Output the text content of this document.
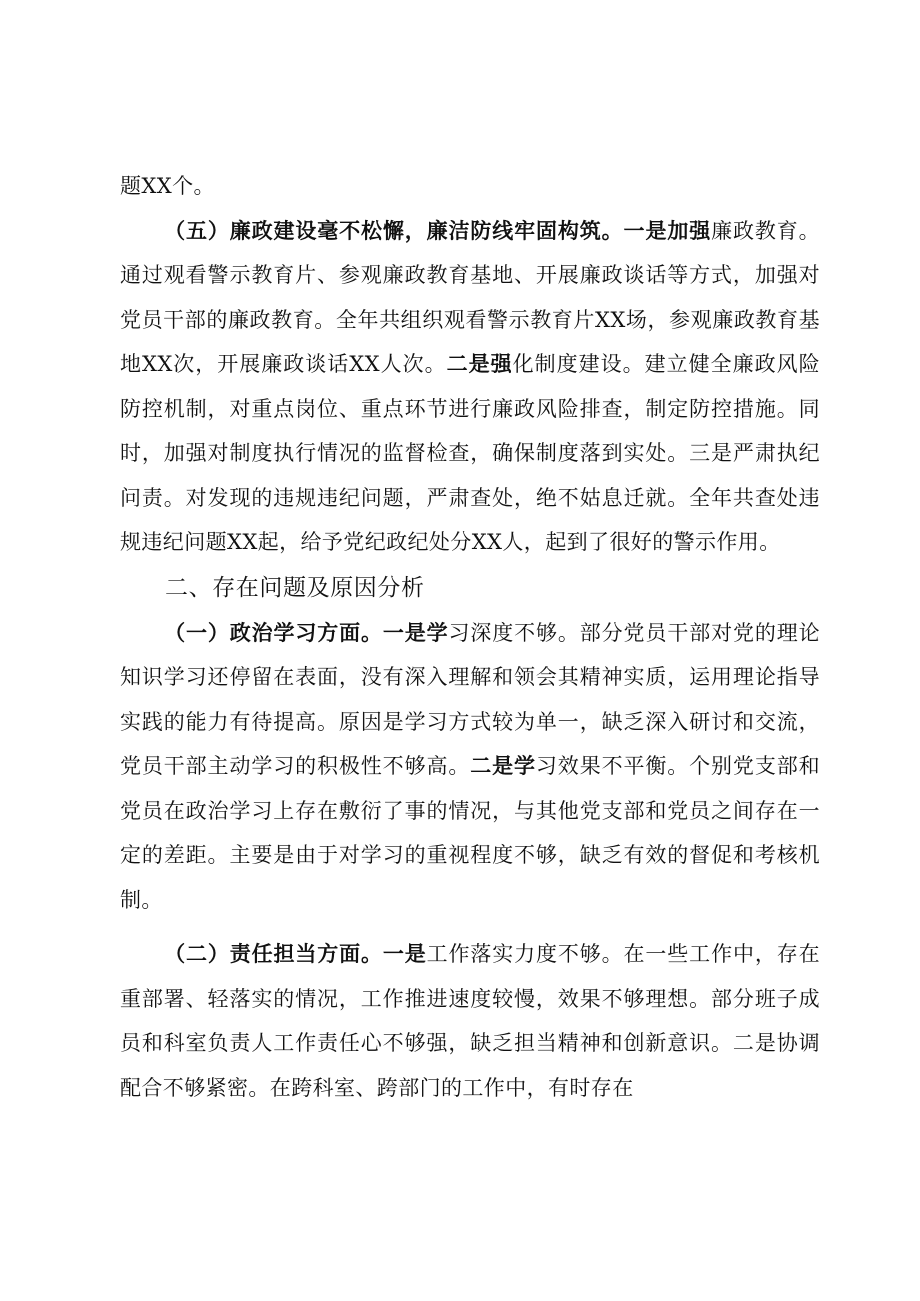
题XX个。

（五）廉政建设毫不松懈，廉洁防线牢固构筑。一是加强廉政教育。通过观看警示教育片、参观廉政教育基地、开展廉政谈话等方式，加强对党员干部的廉政教育。全年共组织观看警示教育片XX场，参观廉政教育基地XX次，开展廉政谈话XX人次。二是强化制度建设。建立健全廉政风险防控机制，对重点岗位、重点环节进行廉政风险排查，制定防控措施。同时，加强对制度执行情况的监督检查，确保制度落到实处。三是严肃执纪问责。对发现的违规违纪问题，严肃查处，绝不姑息迁就。全年共查处违规违纪问题XX起，给予党纪政纪处分XX人，起到了很好的警示作用。

二、存在问题及原因分析

（一）政治学习方面。一是学习深度不够。部分党员干部对党的理论知识学习还停留在表面，没有深入理解和领会其精神实质，运用理论指导实践的能力有待提高。原因是学习方式较为单一，缺乏深入研讨和交流，党员干部主动学习的积极性不够高。二是学习效果不平衡。个别党支部和党员在政治学习上存在敷衍了事的情况，与其他党支部和党员之间存在一定的差距。主要是由于对学习的重视程度不够，缺乏有效的督促和考核机制。

（二）责任担当方面。一是工作落实力度不够。在一些工作中，存在重部署、轻落实的情况，工作推进速度较慢，效果不够理想。部分班子成员和科室负责人工作责任心不够强，缺乏担当精神和创新意识。二是协调配合不够紧密。在跨科室、跨部门的工作中，有时存在
